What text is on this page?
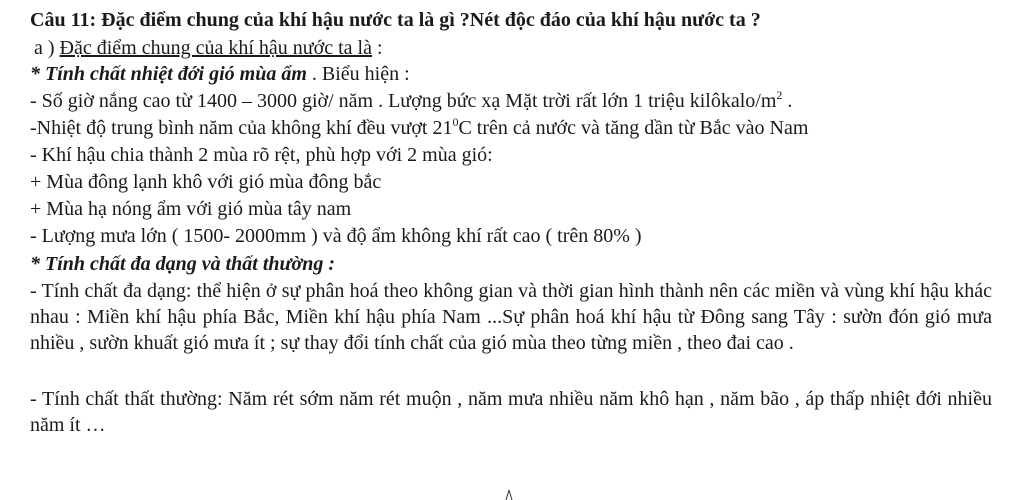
Câu 11: Đặc điểm chung của khí hậu nước ta là gì ?Nét độc đáo của khí hậu nước ta ?
a ) Đặc điểm chung của khí hậu nước ta là :
* Tính chất nhiệt đới gió mùa ẩm . Biểu hiện :
- Số giờ nắng cao từ 1400 – 3000 giờ/ năm . Lượng bức xạ Mặt trời rất lớn 1 triệu kilôkalo/$m^2$ .
-Nhiệt độ trung bình năm của không khí đều vượt $21^0C$ trên cả nước và tăng dần từ Bắc vào Nam
- Khí hậu chia thành 2 mùa rõ rệt, phù hợp với 2 mùa gió:
+ Mùa đông lạnh khô với gió mùa đông bắc
+ Mùa hạ nóng ẩm với gió mùa tây nam
- Lượng mưa lớn ( 1500- 2000mm ) và độ ẩm không khí rất cao ( trên 80% )
* Tính chất đa dạng và thất thường :
- Tính chất đa dạng: thể hiện ở sự phân hoá theo không gian và thời gian hình thành nên các miền và vùng khí hậu khác nhau : Miền khí hậu phía Bắc, Miền khí hậu phía Nam ...Sự phân hoá khí hậu từ Đông sang Tây : sườn đón gió mưa nhiều , sườn khuất gió mưa ít ; sự thay đổi tính chất của gió mùa theo từng miền , theo đai cao .
- Tính chất thất thường: Năm rét sớm năm rét muộn , năm mưa nhiều năm khô hạn , năm bão , áp thấp nhiệt đới nhiều năm ít …
